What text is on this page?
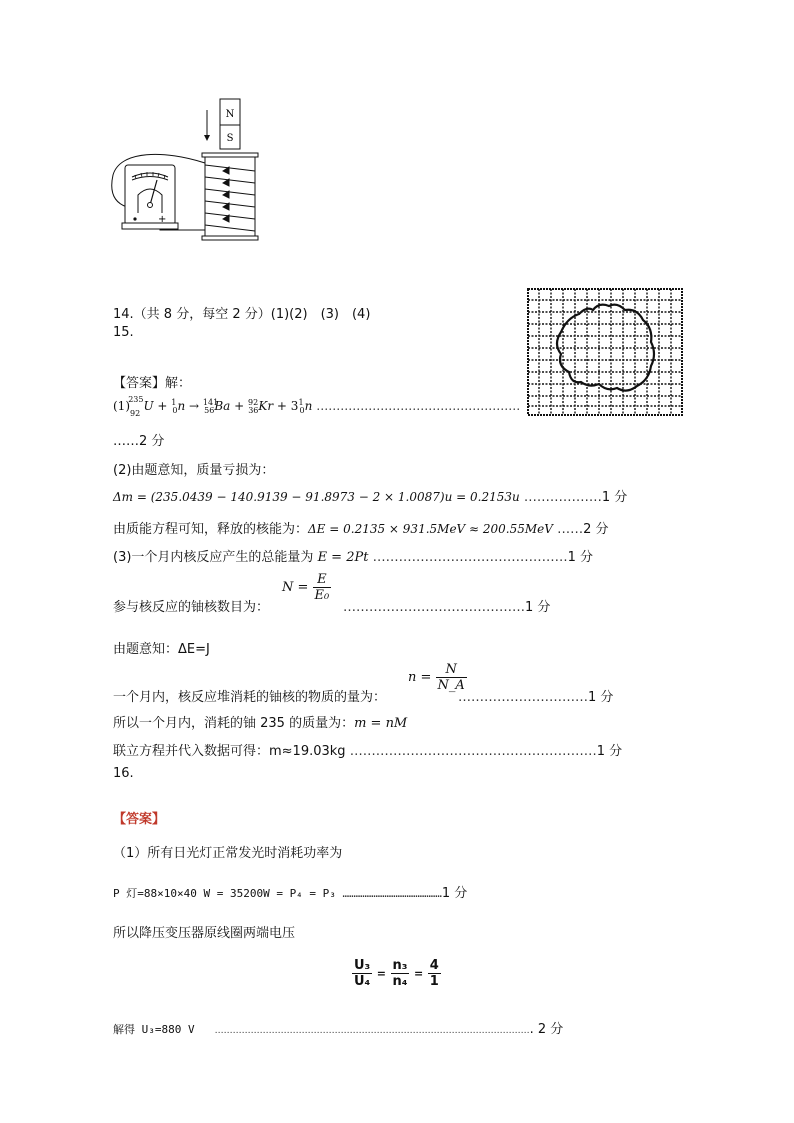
N
S
+
14.（共 8 分，每空 2 分）(1)(2)　(3)　(4)
15.
【答案】解：
$(1)_{92}^{235}U + ^1_0n \to ^{141}_{56}Ba + ^{92}_{36}Kr + 3^1_0n$ ……………………………………………
……2 分
(2)由题意知，质量亏损为：
Δm = (235.0439 − 140.9139 − 91.8973 − 2 × 1.0087)u = 0.2153u ………………1 分
由质能方程可知，释放的核能为：ΔE = 0.2135 × 931.5MeV ≈ 200.55MeV ……2 分
(3)一个月内核反应产生的总能量为 E = 2Pt ………………………………………1 分
参与核反应的铀核数目为：
$N = \frac{E}{\text{E₀}}$
……………………………………1 分
由题意知：ΔE=J
$n = \frac{N}{N\_A}$
一个月内，核反应堆消耗的铀核的物质的量为：	…………………………1 分
所以一个月内，消耗的铀 235 的质量为：m = nM
联立方程并代入数据可得：m≈19.03kg …………………………………………………1 分
16.
【答案】
（1）所有日光灯正常发光时消耗功率为
P 灯=88×10×40 W = 35200W = P₄ = P₃ ………………………………………1 分
所以降压变压器原线圈两端电压
$\frac{\text{U₃}}{\text{U₄}} = \frac{\text{n₃}}{\text{n₄}} = \frac{4}{1}$
解得 U₃=880 V ……………………………………………………………………………………………. 2 分
